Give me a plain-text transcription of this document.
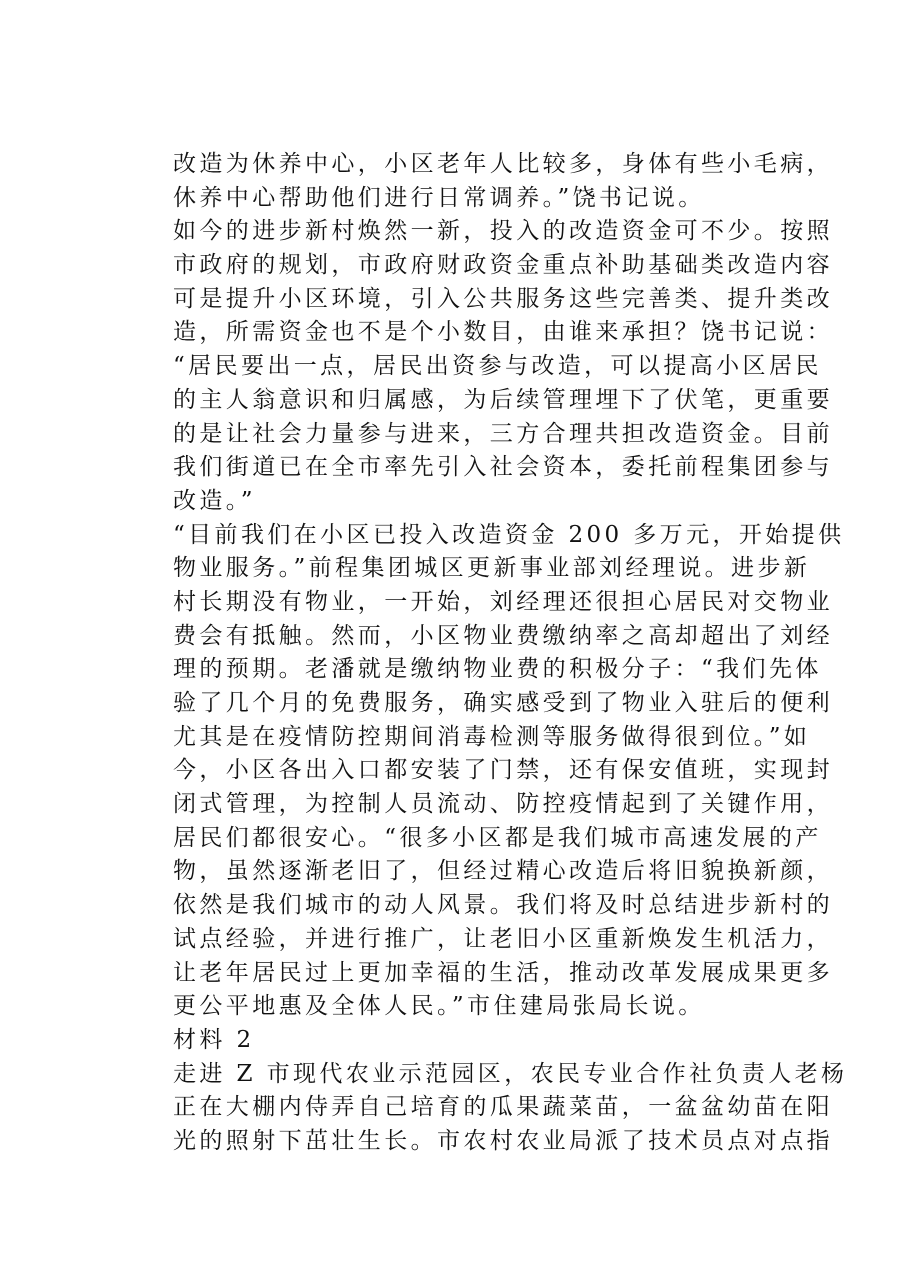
改造为休养中心，小区老年人比较多，身体有些小毛病，
休养中心帮助他们进行日常调养。”饶书记说。
如今的进步新村焕然一新，投入的改造资金可不少。按照
市政府的规划，市政府财政资金重点补助基础类改造内容
可是提升小区环境，引入公共服务这些完善类、提升类改
造，所需资金也不是个小数目，由谁来承担？饶书记说：
“居民要出一点，居民出资参与改造，可以提高小区居民
的主人翁意识和归属感，为后续管理埋下了伏笔，更重要
的是让社会力量参与进来，三方合理共担改造资金。目前
我们街道已在全市率先引入社会资本，委托前程集团参与
改造。”
“目前我们在小区已投入改造资金 200 多万元，开始提供
物业服务。”前程集团城区更新事业部刘经理说。进步新
村长期没有物业，一开始，刘经理还很担心居民对交物业
费会有抵触。然而，小区物业费缴纳率之高却超出了刘经
理的预期。老潘就是缴纳物业费的积极分子：“我们先体
验了几个月的免费服务，确实感受到了物业入驻后的便利
尤其是在疫情防控期间消毒检测等服务做得很到位。”如
今，小区各出入口都安装了门禁，还有保安值班，实现封
闭式管理，为控制人员流动、防控疫情起到了关键作用，
居民们都很安心。“很多小区都是我们城市高速发展的产
物，虽然逐渐老旧了，但经过精心改造后将旧貌换新颜，
依然是我们城市的动人风景。我们将及时总结进步新村的
试点经验，并进行推广，让老旧小区重新焕发生机活力，
让老年居民过上更加幸福的生活，推动改革发展成果更多
更公平地惠及全体人民。”市住建局张局长说。
材料 2
走进 Z 市现代农业示范园区，农民专业合作社负责人老杨
正在大棚内侍弄自己培育的瓜果蔬菜苗，一盆盆幼苗在阳
光的照射下茁壮生长。市农村农业局派了技术员点对点指
